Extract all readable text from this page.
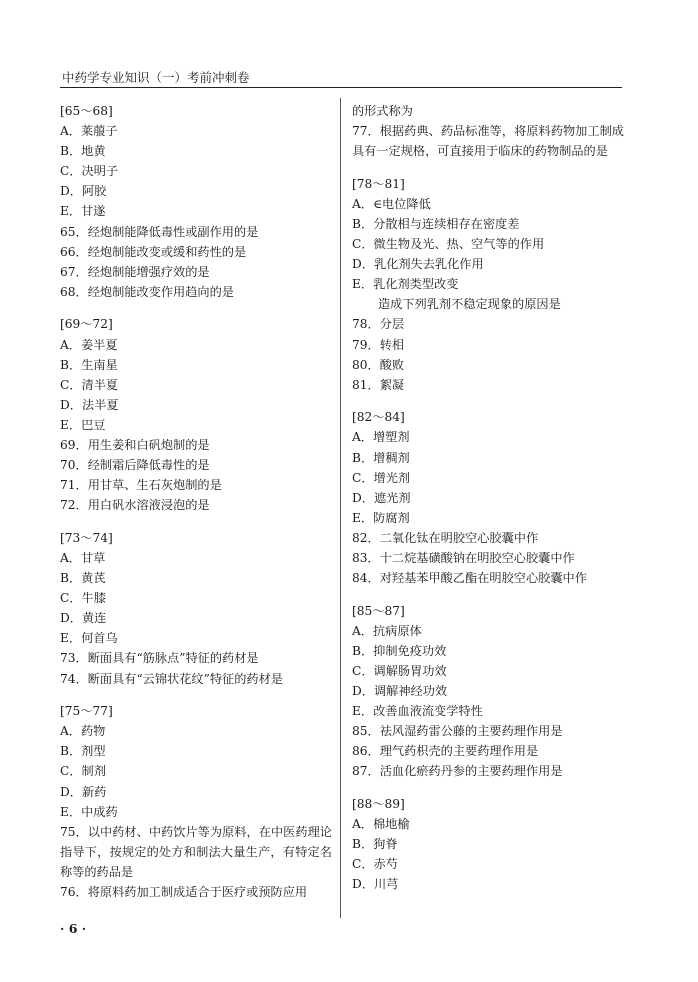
中药学专业知识（一）考前冲刺卷
[65～68]
A．莱菔子
B．地黄
C．决明子
D．阿胶
E．甘遂
65．经炮制能降低毒性或副作用的是
66．经炮制能改变或缓和药性的是
67．经炮制能增强疗效的是
68．经炮制能改变作用趋向的是
[69～72]
A．姜半夏
B．生南星
C．清半夏
D．法半夏
E．巴豆
69．用生姜和白矾炮制的是
70．经制霜后降低毒性的是
71．用甘草、生石灰炮制的是
72．用白矾水溶液浸泡的是
[73～74]
A．甘草
B．黄芪
C．牛膝
D．黄连
E．何首乌
73．断面具有“筋脉点”特征的药材是
74．断面具有“云锦状花纹”特征的药材是
[75～77]
A．药物
B．剂型
C．制剂
D．新药
E．中成药
75．以中药材、中药饮片等为原料，在中医药理论指导下，按规定的处方和制法大量生产，有特定名称等的药品是
76．将原料药加工制成适合于医疗或预防应用
的形式称为
77．根据药典、药品标准等，将原料药物加工制成具有一定规格，可直接用于临床的药物制品的是
[78～81]
A．∈电位降低
B．分散相与连续相存在密度差
C．微生物及光、热、空气等的作用
D．乳化剂失去乳化作用
E．乳化剂类型改变
造成下列乳剂不稳定现象的原因是
78．分层
79．转相
80．酸败
81．絮凝
[82～84]
A．增塑剂
B．增稠剂
C．增光剂
D．遮光剂
E．防腐剂
82．二氧化钛在明胶空心胶囊中作
83．十二烷基磺酸钠在明胶空心胶囊中作
84．对羟基苯甲酸乙酯在明胶空心胶囊中作
[85～87]
A．抗病原体
B．抑制免疫功效
C．调解肠胃功效
D．调解神经功效
E．改善血液流变学特性
85．祛风湿药雷公藤的主要药理作用是
86．理气药枳壳的主要药理作用是
87．活血化瘀药丹参的主要药理作用是
[88～89]
A．棉地榆
B．狗脊
C．赤芍
D．川芎
· 6 ·
